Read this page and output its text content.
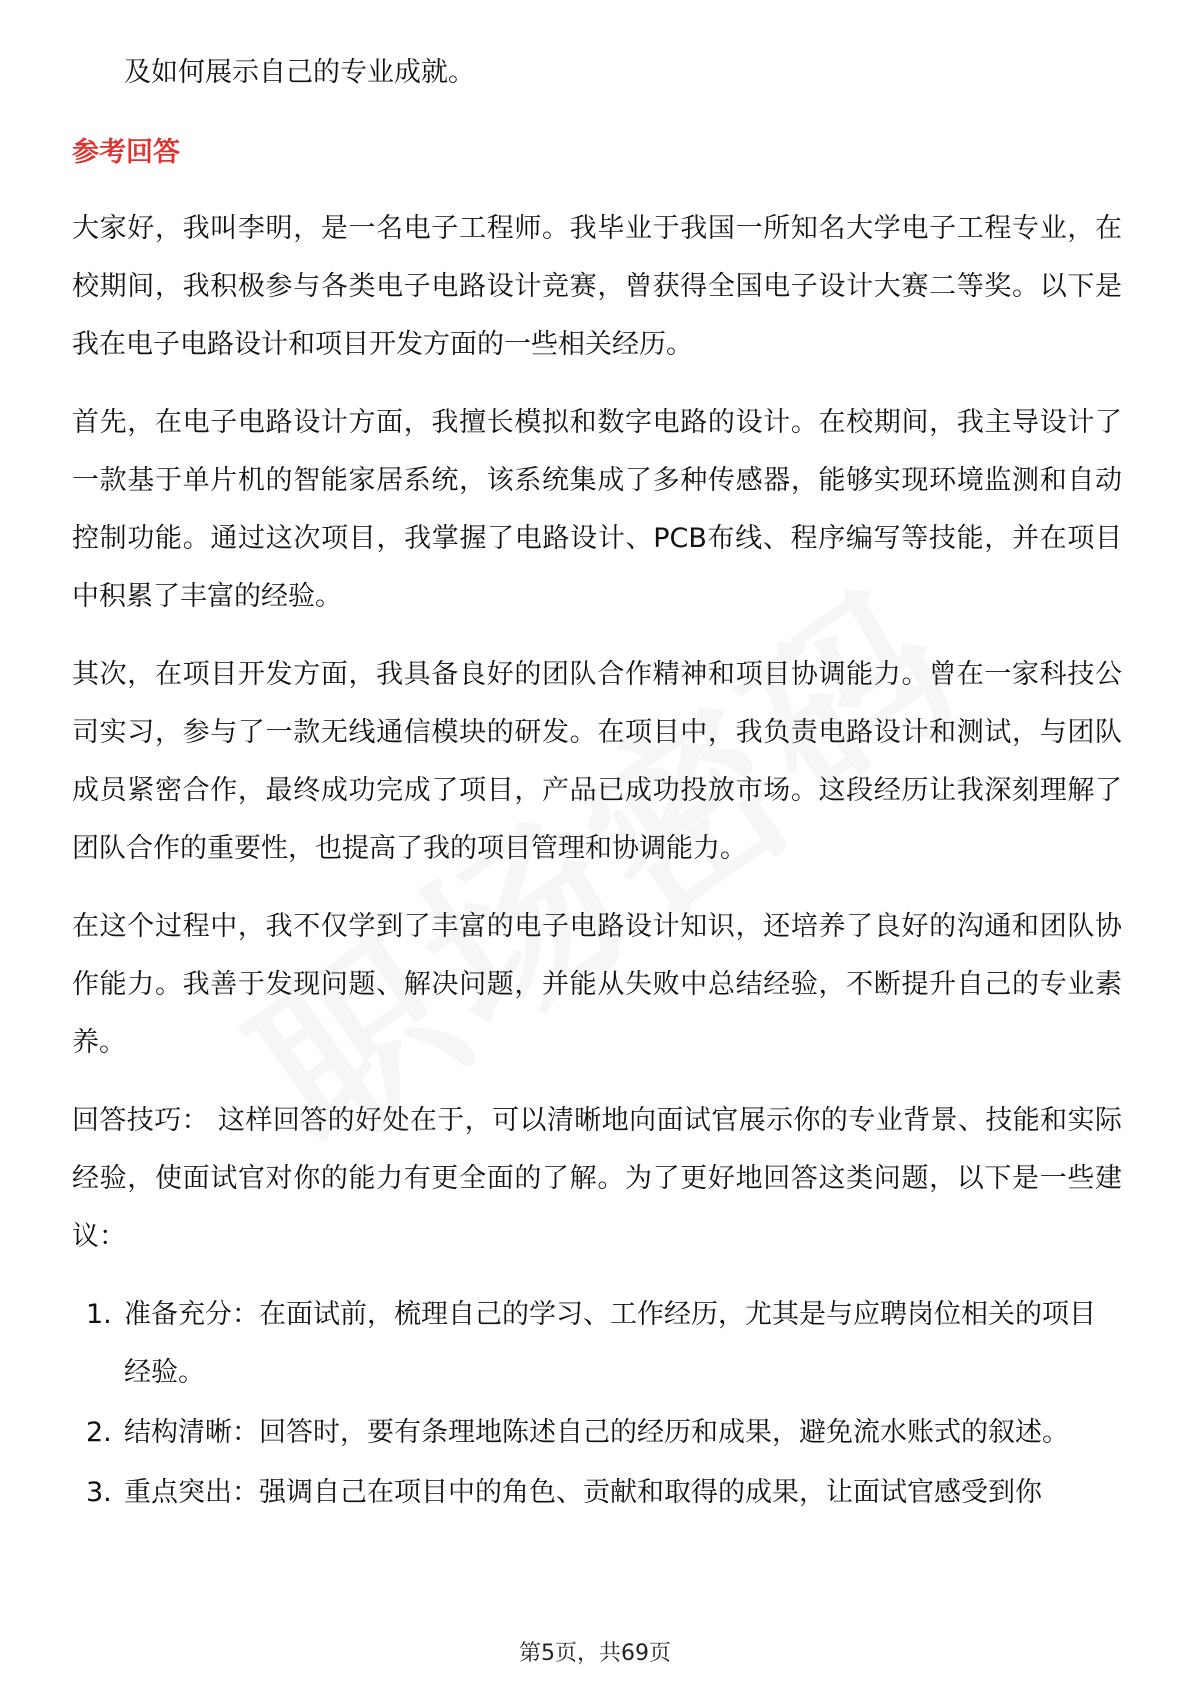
及如何展示自己的专业成就。

参考回答

大家好，我叫李明，是一名电子工程师。我毕业于我国一所知名大学电子工程专业，在校期间，我积极参与各类电子电路设计竞赛，曾获得全国电子设计大赛二等奖。以下是我在电子电路设计和项目开发方面的一些相关经历。

首先，在电子电路设计方面，我擅长模拟和数字电路的设计。在校期间，我主导设计了一款基于单片机的智能家居系统，该系统集成了多种传感器，能够实现环境监测和自动控制功能。通过这次项目，我掌握了电路设计、PCB布线、程序编写等技能，并在项目中积累了丰富的经验。

其次，在项目开发方面，我具备良好的团队合作精神和项目协调能力。曾在一家科技公司实习，参与了一款无线通信模块的研发。在项目中，我负责电路设计和测试，与团队成员紧密合作，最终成功完成了项目，产品已成功投放市场。这段经历让我深刻理解了团队合作的重要性，也提高了我的项目管理和协调能力。

在这个过程中，我不仅学到了丰富的电子电路设计知识，还培养了良好的沟通和团队协作能力。我善于发现问题、解决问题，并能从失败中总结经验，不断提升自己的专业素养。

回答技巧： 这样回答的好处在于，可以清晰地向面试官展示你的专业背景、技能和实际经验，使面试官对你的能力有更全面的了解。为了更好地回答这类问题，以下是一些建议：

1. 准备充分：在面试前，梳理自己的学习、工作经历，尤其是与应聘岗位相关的项目经验。
2. 结构清晰：回答时，要有条理地陈述自己的经历和成果，避免流水账式的叙述。
3. 重点突出：强调自己在项目中的角色、贡献和取得的成果，让面试官感受到你
第5页，共69页
